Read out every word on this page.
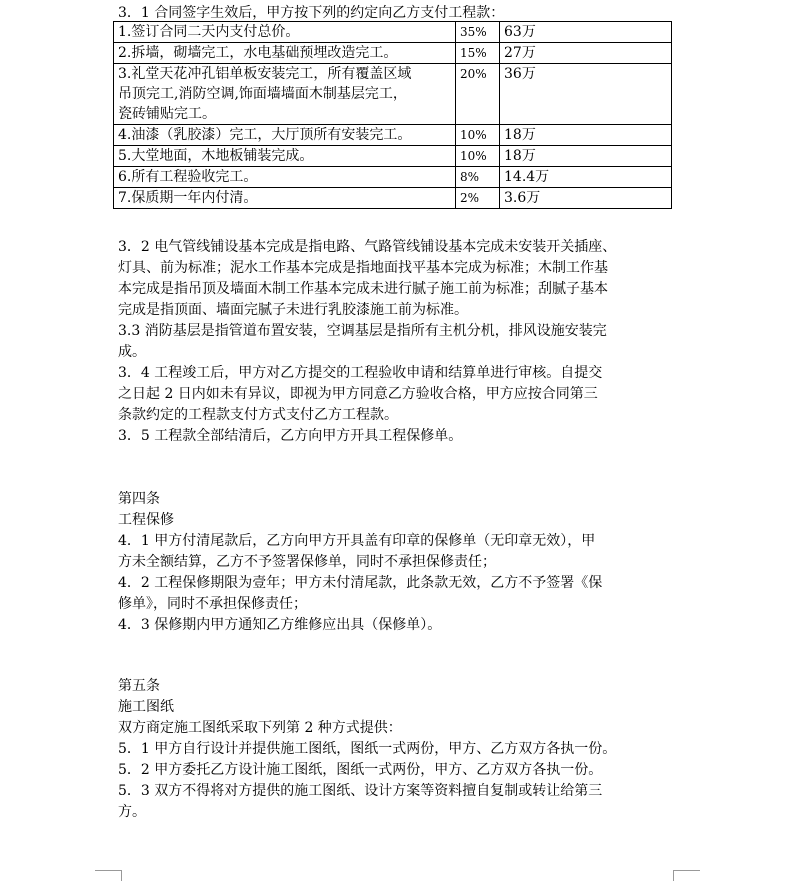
3．1 合同签字生效后，甲方按下列的约定向乙方支付工程款：
1.签订合同二天内支付总价。	35%	63万
2.拆墙，砌墙完工，水电基础预埋改造完工。	15%	27万

3.礼堂天花冲孔铝单板安装完工，所有覆盖区域
吊顶完工,消防空调,饰面墙墙面木制基层完工，
瓷砖铺贴完工。	20%	36万
4.油漆（乳胶漆）完工，大厅顶所有安装完工。	10%	18万
5.大堂地面，木地板铺装完成。	10%	18万
6.所有工程验收完工。	8%	14.4万
7.保质期一年内付清。	2%	3.6万
3．2 电气管线铺设基本完成是指电路、气路管线铺设基本完成未安装开关插座、
灯具、前为标准；泥水工作基本完成是指地面找平基本完成为标准；木制工作基
本完成是指吊顶及墙面木制工作基本完成未进行腻子施工前为标准；刮腻子基本
完成是指顶面、墙面完腻子未进行乳胶漆施工前为标准。
3.3 消防基层是指管道布置安装，空调基层是指所有主机分机，排风设施安装完
成。
3．4 工程竣工后，甲方对乙方提交的工程验收申请和结算单进行审核。自提交
之日起 2 日内如未有异议，即视为甲方同意乙方验收合格，甲方应按合同第三
条款约定的工程款支付方式支付乙方工程款。
3．5 工程款全部结清后，乙方向甲方开具工程保修单。
第四条
工程保修
4．1 甲方付清尾款后，乙方向甲方开具盖有印章的保修单（无印章无效），甲
方未全额结算，乙方不予签署保修单，同时不承担保修责任；
4．2 工程保修期限为壹年；甲方未付清尾款，此条款无效，乙方不予签署《保
修单》，同时不承担保修责任；
4．3 保修期内甲方通知乙方维修应出具（保修单）。
第五条
施工图纸
双方商定施工图纸采取下列第 2 种方式提供：
5．1 甲方自行设计并提供施工图纸，图纸一式两份，甲方、乙方双方各执一份。
5．2 甲方委托乙方设计施工图纸，图纸一式两份，甲方、乙方双方各执一份。
5．3 双方不得将对方提供的施工图纸、设计方案等资料擅自复制或转让给第三
方。
